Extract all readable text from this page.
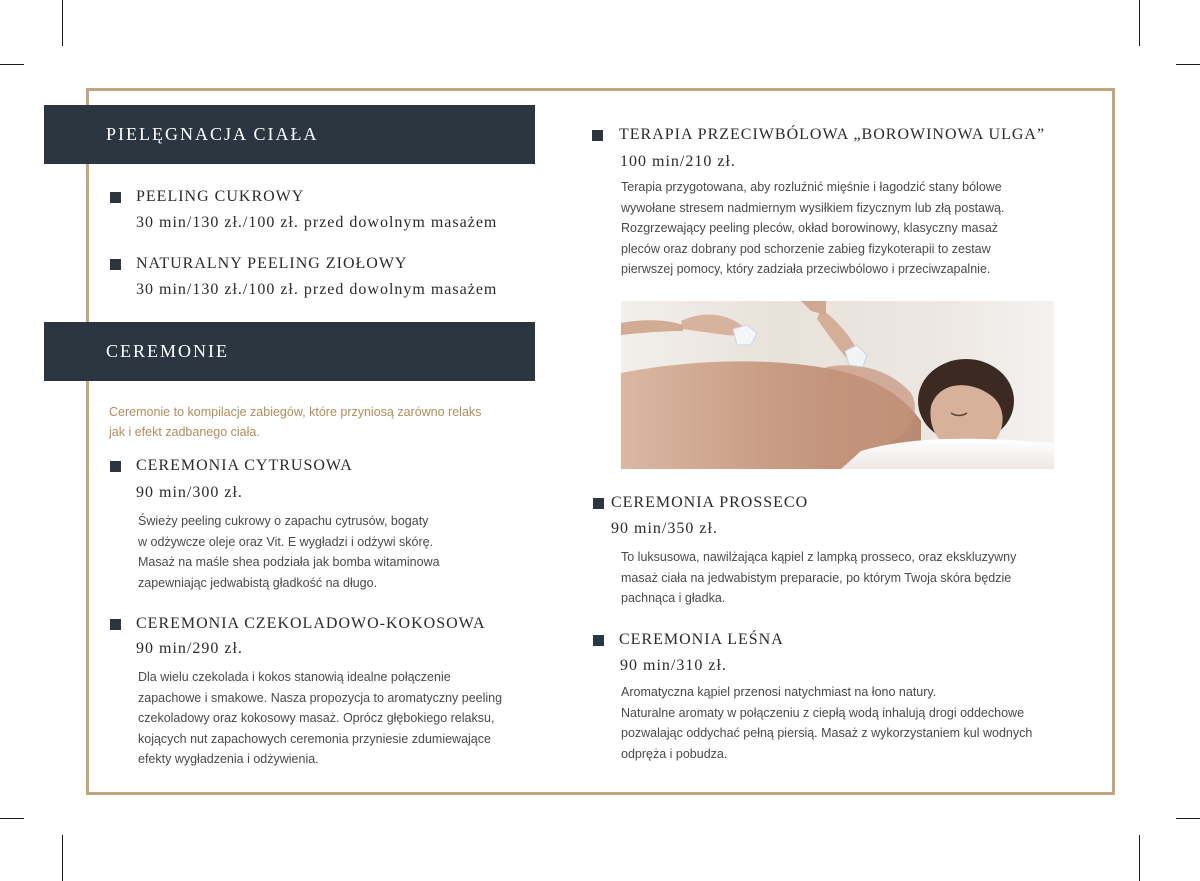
PIELĘGNACJA CIAŁA
PEELING CUKROWY
30 min/130 zł./100 zł. przed dowolnym masażem
NATURALNY PEELING ZIOŁOWY
30 min/130 zł./100 zł. przed dowolnym masażem
CEREMONIE
Ceremonie to kompilacje zabiegów, które przyniosą zarówno relaks
jak i efekt zadbanego ciała.
CEREMONIA CYTRUSOWA
90 min/300 zł.
Świeży peeling cukrowy o zapachu cytrusów, bogaty
w odżywcze oleje oraz Vit. E wygładzi i odżywi skórę.
Masaż na maśle shea podziała jak bomba witaminowa
zapewniając jedwabistą gładkość na długo.
CEREMONIA CZEKOLADOWO-KOKOSOWA
90 min/290 zł.
Dla wielu czekolada i kokos stanowią idealne połączenie
zapachowe i smakowe. Nasza propozycja to aromatyczny peeling
czekoladowy oraz kokosowy masaż. Oprócz głębokiego relaksu,
kojących nut zapachowych ceremonia przyniesie zdumiewające
efekty wygładzenia i odżywienia.
TERAPIA PRZECIWBÓLOWA „BOROWINOWA ULGA”
100 min/210 zł.
Terapia przygotowana, aby rozluźnić mięśnie i łagodzić stany bólowe
wywołane stresem nadmiernym wysiłkiem fizycznym lub złą postawą.
Rozgrzewający peeling pleców, okład borowinowy, klasyczny masaż
pleców oraz dobrany pod schorzenie zabieg fizykoterapii to zestaw
pierwszej pomocy, który zadziała przeciwbólowo i przeciwzapalnie.
CEREMONIA PROSSECO
90 min/350 zł.
To luksusowa, nawilżająca kąpiel z lampką prosseco, oraz ekskluzywny
masaż ciała na jedwabistym preparacie, po którym Twoja skóra będzie
pachnąca i gładka.
CEREMONIA LEŚNA
90 min/310 zł.
Aromatyczna kąpiel przenosi natychmiast na łono natury.
Naturalne aromaty w połączeniu z ciepłą wodą inhalują drogi oddechowe
pozwalając oddychać pełną piersią. Masaż z wykorzystaniem kul wodnych
odpręża i pobudza.
